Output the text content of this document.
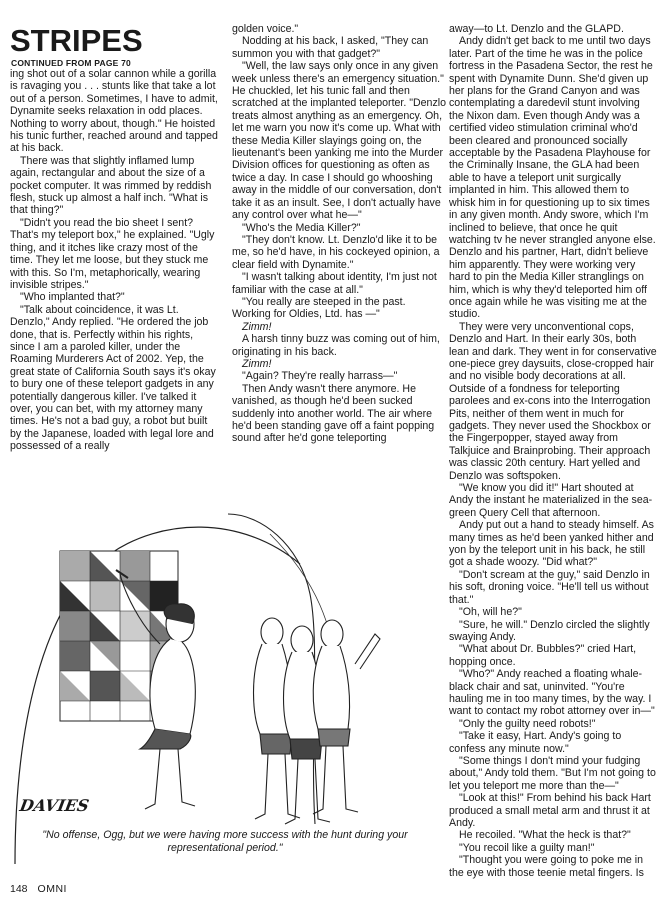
STRIPES
CONTINUED FROM PAGE 70

ing shot out of a solar cannon while a gorilla is ravaging you . . . stunts like that take a lot out of a person. Sometimes, I have to admit, Dynamite seeks relaxation in odd places. Nothing to worry about, though." He hoisted his tunic further, reached around and tapped at his back.

There was that slightly inflamed lump again, rectangular and about the size of a pocket computer. It was rimmed by reddish flesh, stuck up almost a half inch. "What is that thing?"

"Didn't you read the bio sheet I sent? That's my teleport box," he explained. "Ugly thing, and it itches like crazy most of the time. They let me loose, but they stuck me with this. So I'm, metaphorically, wearing invisible stripes."

"Who implanted that?"

"Talk about coincidence, it was Lt. Denzlo," Andy replied. "He ordered the job done, that is. Perfectly within his rights, since I am a paroled killer, under the Roaming Murderers Act of 2002. Yep, the great state of California South says it's okay to bury one of these teleport gadgets in any potentially dangerous killer. I've talked it over, you can bet, with my attorney many times. He's not a bad guy, a robot but built by the Japanese, loaded with legal lore and possessed of a really

golden voice."

Nodding at his back, I asked, "They can summon you with that gadget?"

"Well, the law says only once in any given week unless there's an emergency situation." He chuckled, let his tunic fall and then scratched at the implanted teleporter. "Denzlo treats almost anything as an emergency. Oh, let me warn you now it's come up. What with these Media Killer slayings going on, the lieutenant's been yanking me into the Murder Division offices for questioning as often as twice a day. In case I should go whooshing away in the middle of our conversation, don't take it as an insult. See, I don't actually have any control over what he—"

"Who's the Media Killer?"

"They don't know. Lt. Denzlo'd like it to be me, so he'd have, in his cockeyed opinion, a clear field with Dynamite."

"I wasn't talking about identity, I'm just not familiar with the case at all."

"You really are steeped in the past. Working for Oldies, Ltd. has —"

Zimm!

A harsh tinny buzz was coming out of him, originating in his back.

Zimm!

"Again? They're really harrass—"

Then Andy wasn't there anymore. He vanished, as though he'd been sucked suddenly into another world. The air where he'd been standing gave off a faint popping sound after he'd gone teleporting

away—to Lt. Denzlo and the GLAPD.

Andy didn't get back to me until two days later. Part of the time he was in the police fortress in the Pasadena Sector, the rest he spent with Dynamite Dunn. She'd given up her plans for the Grand Canyon and was contemplating a daredevil stunt involving the Nixon dam. Even though Andy was a certified video stimulation criminal who'd been cleared and pronounced socially acceptable by the Pasadena Playhouse for the Criminally Insane, the GLA had been able to have a teleport unit surgically implanted in him. This allowed them to whisk him in for questioning up to six times in any given month. Andy swore, which I'm inclined to believe, that once he quit watching tv he never strangled anyone else. Denzlo and his partner, Hart, didn't believe him apparently. They were working very hard to pin the Media Killer stranglings on him, which is why they'd teleported him off once again while he was visiting me at the studio.

They were very unconventional cops, Denzlo and Hart. In their early 30s, both lean and dark. They went in for conservative one-piece grey daysuits, close-cropped hair and no visible body decorations at all. Outside of a fondness for teleporting parolees and ex-cons into the Interrogation Pits, neither of them went in much for gadgets. They never used the Shockbox or the Fingerpopper, stayed away from Talkjuice and Brainprobing. Their approach was classic 20th century. Hart yelled and Denzlo was softspoken.

"We know you did it!" Hart shouted at Andy the instant he materialized in the sea-green Query Cell that afternoon.

Andy put out a hand to steady himself. As many times as he'd been yanked hither and yon by the teleport unit in his back, he still got a shade woozy. "Did what?"

"Don't scream at the guy," said Denzlo in his soft, droning voice. "He'll tell us without that."

"Oh, will he?"

"Sure, he will." Denzlo circled the slightly swaying Andy.

"What about Dr. Bubbles?" cried Hart, hopping once.

"Who?" Andy reached a floating whale-black chair and sat, uninvited. "You're hauling me in too many times, by the way. I want to contact my robot attorney over in—"

"Only the guilty need robots!"

"Take it easy, Hart. Andy's going to confess any minute now."

"Some things I don't mind your fudging about," Andy told them. "But I'm not going to let you teleport me more than the—"

"Look at this!" From behind his back Hart produced a small metal arm and thrust it at Andy.

He recoiled. "What the heck is that?"

"You recoil like a guilty man!"

"Thought you were going to poke me in the eye with those teenie metal fingers. Is

DAVIES
"No offense, Ogg, but we were having more success with the hunt during your representational period."
148 OMNI
